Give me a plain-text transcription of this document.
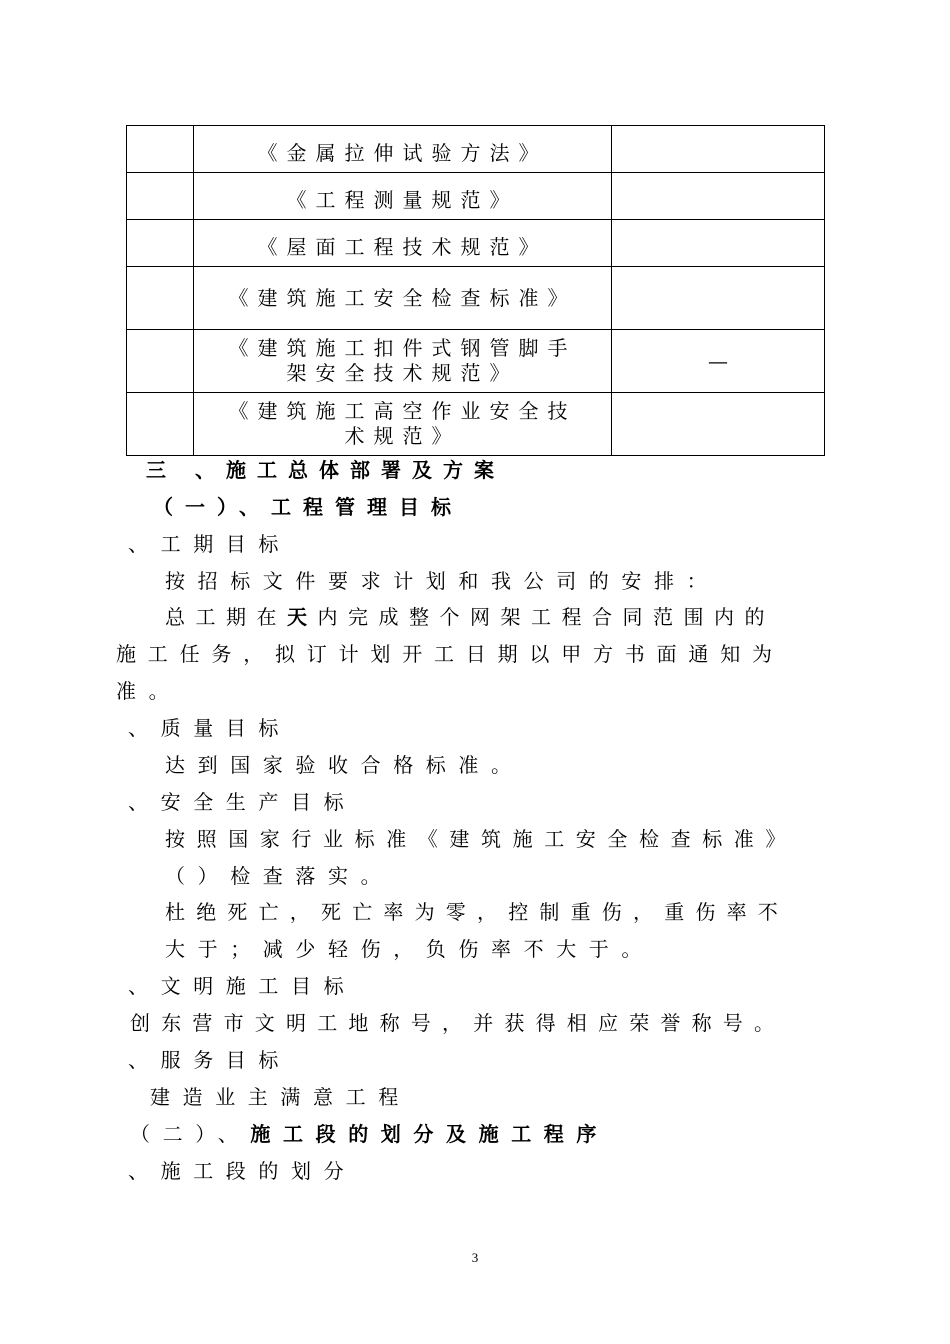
	《金属拉伸试验方法》	

	《工程测量规范》	

	《屋面工程技术规范》	

	《建筑施工安全检查标准》	
	《建筑施工扣件式钢管脚手架安全技术规范》	—
	《建筑施工高空作业安全技术规范》	
三 、施工总体部署及方案
（一）、工程管理目标
、工期目标
按招标文件要求计划和我公司的安排：
总工期在天内完成整个网架工程合同范围内的
施工任务，拟订计划开工日期以甲方书面通知为
准。
、质量目标
达到国家验收合格标准。
、安全生产目标
按照国家行业标准《建筑施工安全检查标准》
（）检查落实。
杜绝死亡，死亡率为零，控制重伤，重伤率不
大于；减少轻伤，负伤率不大于。
、文明施工目标
创东营市文明工地称号，并获得相应荣誉称号。
、服务目标
建造业主满意工程
（二）、施工段的划分及施工程序
、施工段的划分
3
